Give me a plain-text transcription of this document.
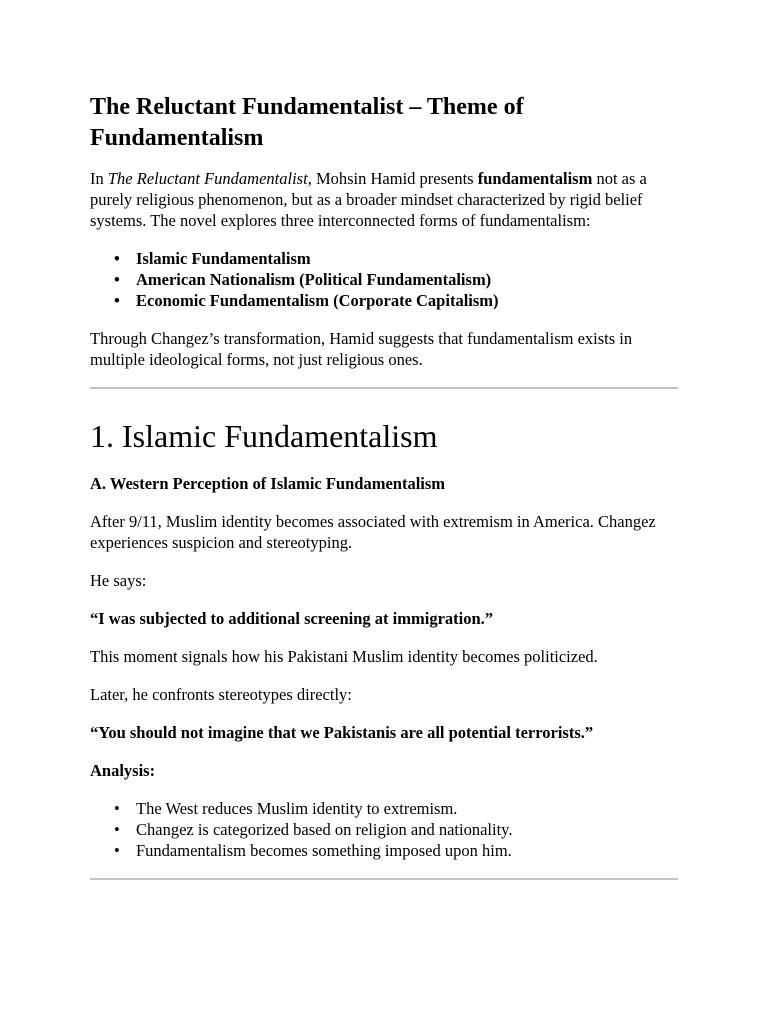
The Reluctant Fundamentalist – Theme of Fundamentalism

In The Reluctant Fundamentalist, Mohsin Hamid presents fundamentalism not as a purely religious phenomenon, but as a broader mindset characterized by rigid belief systems. The novel explores three interconnected forms of fundamentalism:

• Islamic Fundamentalism
• American Nationalism (Political Fundamentalism)
• Economic Fundamentalism (Corporate Capitalism)

Through Changez’s transformation, Hamid suggests that fundamentalism exists in multiple ideological forms, not just religious ones.

1. Islamic Fundamentalism
A. Western Perception of Islamic Fundamentalism

After 9/11, Muslim identity becomes associated with extremism in America. Changez experiences suspicion and stereotyping.

He says:

“I was subjected to additional screening at immigration.”

This moment signals how his Pakistani Muslim identity becomes politicized.

Later, he confronts stereotypes directly:

“You should not imagine that we Pakistanis are all potential terrorists.”

Analysis:

• The West reduces Muslim identity to extremism.
• Changez is categorized based on religion and nationality.
• Fundamentalism becomes something imposed upon him.
